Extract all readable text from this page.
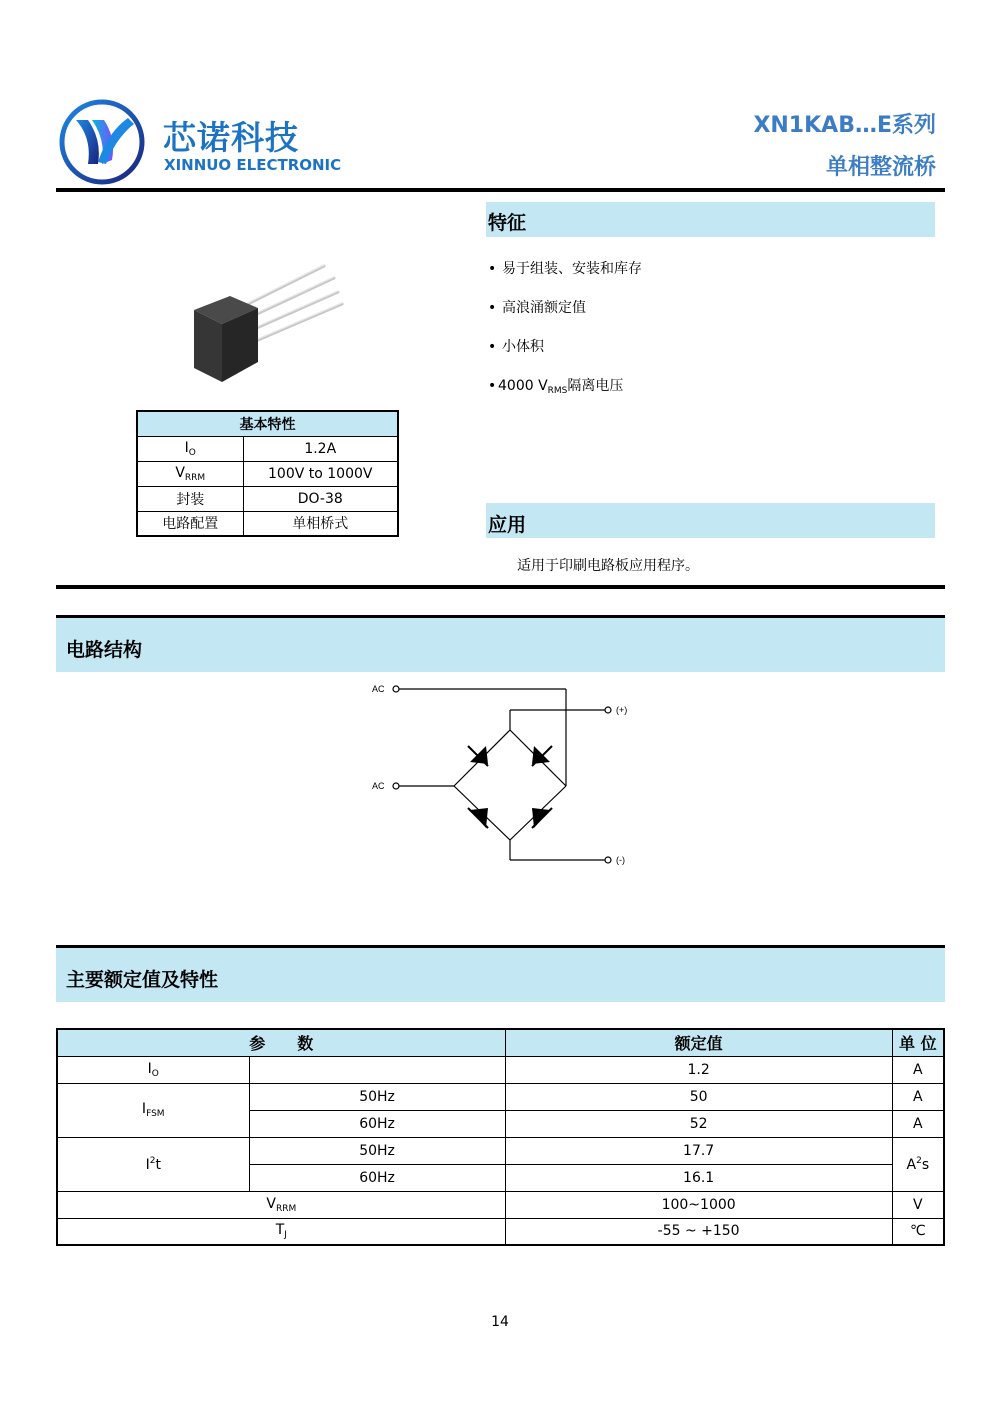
芯诺科技
XINNUO ELECTRONIC
XN1KAB…E系列
单相整流桥
基本特性	
$I_O$	1.2A
$V_{RRM}$	100V to 1000V
封装	DO-38
电路配置	单相桥式
特征
• 易于组装、安装和库存
• 高浪涌额定值
• 小体积
• 4000 $V_{RMS}$隔离电压
应用
适用于印刷电路板应用程序。
电路结构
AC
AC
(+)
(-)
主要额定值及特性
参　　数		额定值	单 位
$I_O$		1.2	A
$I_{FSM}$	50Hz	50	A
	60Hz	52	A
$I^2t$	50Hz	17.7	$A^2s$
	60Hz	16.1	
$V_{RRM}$		100~1000	V
$T_J$		-55 ~ +150	℃
14
